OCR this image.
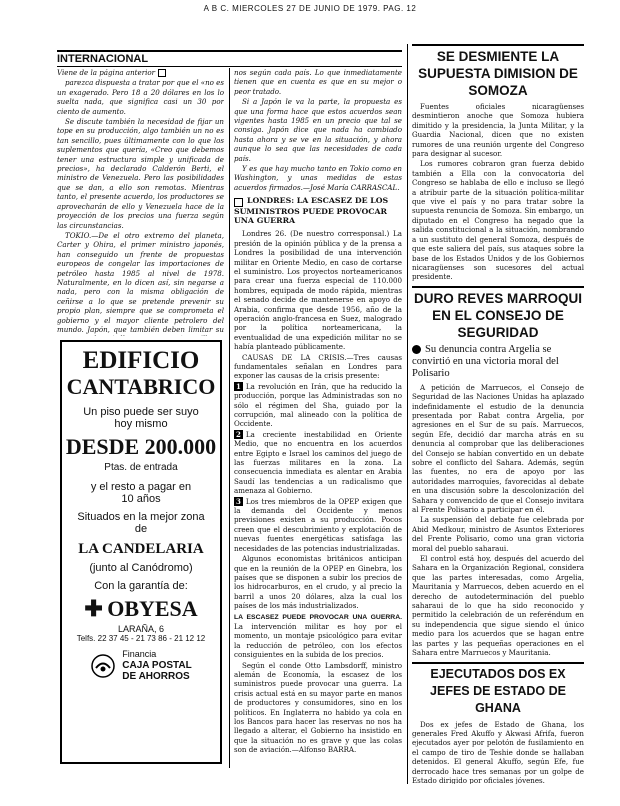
A B C. MIERCOLES 27 DE JUNIO DE 1979. PAG. 12
INTERNACIONAL

Viene de la página anterior

parezca dispuesta a tratar por que el «no es un exagerado. Pero 18 a 20 dólares en los lo suelta nada, que significa casi un 30 por ciento de aumento.

Se discute también la necesidad de fijar un tope en su producción, algo también un no es tan sencillo, pues últimamente con lo que los suplementos que quería, «Creo que debemos tener una estructura simple y unificada de precios», ha declarado Calderón Berti, el ministro de Venezuela. Pero las posibilidades que se dan, a ello son remotas. Mientras tanto, el presente acuerdo, los productores se aprovecharán de ello y Venezuela hace de la proyección de los precios una fuerza según las circunstancias.

TOKIO.—De el otro extremo del planeta, Carter y Ohira, el primer ministro japonés, han conseguido un frente de propuestas europeos de congelar las importaciones de petróleo hasta 1985 al nivel de 1978. Naturalmente, en lo dicen así, sin negarse a nada, pero con la misma obligación de ceñirse a lo que se pretende prevenir su propio plan, siempre que se comprometa el gobierno y el mayor cliente petrolero del mundo. Japón, que también deben limitar su

EDIFICIO
CANTABRICO
Un piso puede ser suyo
hoy mismo
DESDE 200.000
Ptas. de entrada
y el resto a pagar en
10 años
Situados en la mejor zona
de
LA CANDELARIA
(junto al Canódromo)
Con la garantía de:
✚ OBYESA
LARAÑA, 6
Telfs. 22 37 45 - 21 73 86 - 21 12 12
Financia
CAJA POSTAL
DE AHORROS

nos según cada país. Lo que inmediatamente tienen que en cuenta es que en su mejor o peor tratado.

Si a Japón le va la parte, la propuesta es que una forma hace que estos acuerdos sean vigentes hasta 1985 en un precio que tal se consiga. Japón dice que nada ha cambiado hasta ahora y se ve en la situación, y ahora aunque lo sea que las necesidades de cada país.

Y es que hay mucho tanto en Tokio como en Washington, y unas medidas de estas acuerdos firmados.—José María CARRASCAL.

LONDRES: LA ESCASEZ DE LOS SUMINISTROS PUEDE PROVOCAR UNA GUERRA

Londres 26. (De nuestro corresponsal.) La presión de la opinión pública y de la prensa a Londres la posibilidad de una intervención militar en Oriente Medio, en caso de cortarse el suministro. Los proyectos norteamericanos para crear una fuerza especial de 110.000 hombres, equipada de modo rápida, mientras el senado decide de mantenerse en apoyo de Arabia, confirma que desde 1956, año de la operación anglo-francesa en Suez, malogrado por la política norteamericana, la eventualidad de una expedición militar no se había planteado públicamente.

CAUSAS DE LA CRISIS.—Tres causas fundamentales señalan en Londres para exponer las causas de la crisis presente:

1 La revolución en Irán, que ha reducido la producción, porque las Administradas son no sólo el régimen del Sha, guiado por la corrupción, mal alineado con la política de Occidente.

2 La creciente inestabilidad en Oriente Medio, que no encuentra en los acuerdos entre Egipto e Israel los caminos del juego de las fuerzas militares en la zona. La consecuencia inmediata es alentar en Arabia Saudí las tendencias a un radicalismo que amenaza al Gobierno.

3 Los tres miembros de la OPEP exigen que la demanda del Occidente y menos previsiones existen a su producción. Pocos creen que el descubrimiento y explotación de nuevas fuentes energéticas satisfaga las necesidades de las potencias industrializadas.

Algunos economistas británicos anticipan que en la reunión de la OPEP en Ginebra, los países que se disponen a subir los precios de los hidrocarburos, en el crudo, y al precio la barril a unos 20 dólares, alza la cual los países de los más industrializados.

LA ESCASEZ PUEDE PROVOCAR UNA GUERRA. La intervención militar es hoy por el momento, un montaje psicológico para evitar la reducción de petróleo, con los efectos consiguientes en la subida de los precios.

Según el conde Otto Lambsdorff, ministro alemán de Economía, la escasez de los suministros puede provocar una guerra. La crisis actual está en su mayor parte en manos de productores y consumidores, sino en los políticos. En Inglaterra no habido ya cola en los Bancos para hacer las reservas no nos ha llegado a alterar, el Gobierno ha insistido en que la situación no es grave y que las colas son de aviación.—Alfonso BARRA.

SE DESMIENTE LA SUPUESTA DIMISION DE SOMOZA

Fuentes oficiales nicaragüenses desmintieron anoche que Somoza hubiera dimitido y la presidencia, la Junta Militar, y la Guardia Nacional, dicen que no existen rumores de una reunión urgente del Congreso para designar al sucesor.

Los rumores cobraron gran fuerza debido también a Ella con la convocatoria del Congreso se hablaba de ello e incluso se llegó a atribuir parte de la situación política-militar que vive el país y no para tratar sobre la supuesta renuncia de Somoza. Sin embargo, un diputado en el Congreso ha negado que la salida constitucional a la situación, nombrando a un sustituto del general Somoza, después de que este saliera del país, sus ataques sobre la base de los Estados Unidos y de los Gobiernos nicaragüenses son sucesores del actual presidente.

DURO REVES MARROQUI EN EL CONSEJO DE SEGURIDAD
Su denuncia contra Argelia se convirtió en una victoria moral del Polisario

A petición de Marruecos, el Consejo de Seguridad de las Naciones Unidas ha aplazado indefinidamente el estudio de la denuncia presentada por Rabat contra Argelia, por agresiones en el Sur de su país. Marruecos, según Efe, decidió dar marcha atrás en su denuncia al comprobar que las deliberaciones del Consejo se habían convertido en un debate sobre el conflicto del Sahara. Además, según las fuentes, no era de apoyo por las autoridades marroquíes, favorecidas al debate en una discusión sobre la descolonización del Sahara y convencido de que el Consejo invitara al Frente Polisario a participar en él.

La suspensión del debate fue celebrada por Abid Medkour, ministro de Asuntos Exteriores del Frente Polisario, como una gran victoria moral del pueblo saharaui.

El control está hoy, después del acuerdo del Sahara en la Organización Regional, considera que las partes interesadas, como Argelia, Mauritania y Marruecos, deben acuerdo en el derecho de autodeterminación del pueblo saharaui de lo que ha sido reconocido y permitido la celebración de un referéndum en su independencia que sigue siendo el único medio para los acuerdos que se hagan entre las partes y las pequeñas operaciones en el Sahara entre Marruecos y Mauritania.

EJECUTADOS DOS EX JEFES DE ESTADO DE GHANA

Dos ex jefes de Estado de Ghana, los generales Fred Akuffo y Akwasi Afrifa, fueron ejecutados ayer por pelotón de fusilamiento en el campo de tiro de Teshie donde se hallaban detenidos. El general Akuffo, según Efe, fue derrocado hace tres semanas por un golpe de Estado dirigido por oficiales jóvenes.
